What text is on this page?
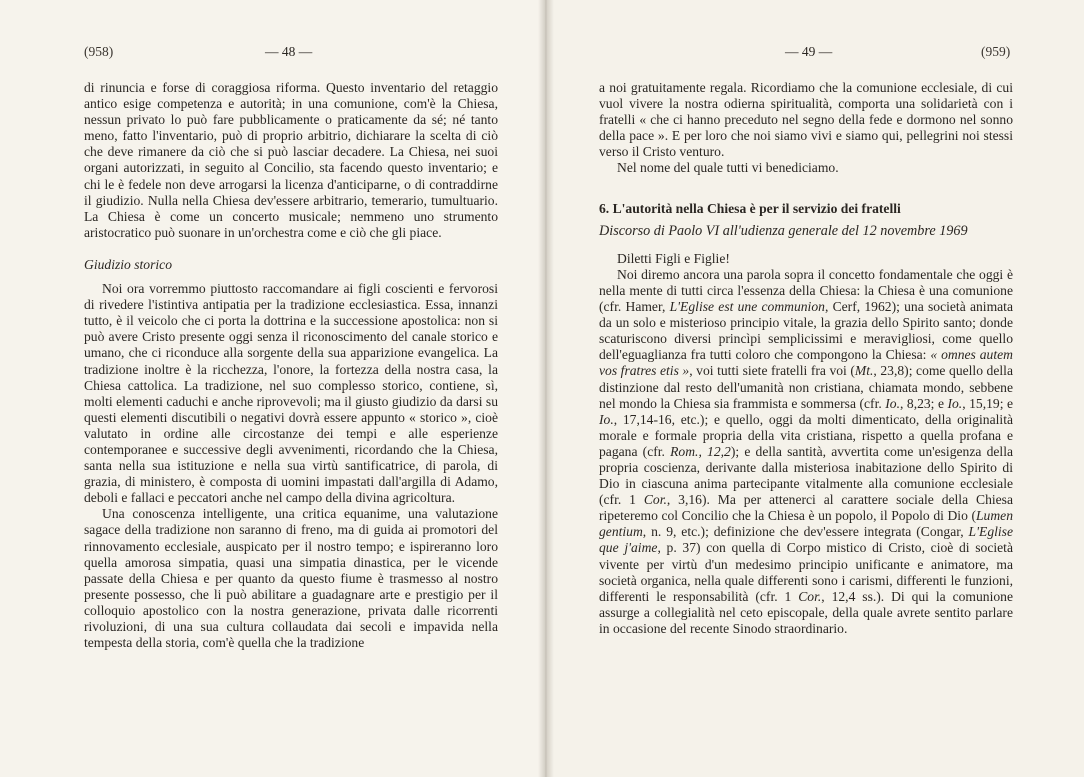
(958)	— 48 —

di rinuncia e forse di coraggiosa riforma. Questo inventario del retaggio antico esige competenza e autorità; in una comunione, com'è la Chiesa, nessun privato lo può fare pubblicamente o praticamente da sé; né tanto meno, fatto l'inventario, può di proprio arbitrio, dichiarare la scelta di ciò che deve rimanere da ciò che si può lasciar decadere. La Chiesa, nei suoi organi autorizzati, in seguito al Concilio, sta facendo questo inventario; e chi le è fedele non deve arrogarsi la licenza d'anticiparne, o di contraddirne il giudizio. Nulla nella Chiesa dev'essere arbitrario, temerario, tumultuario. La Chiesa è come un concerto musicale; nemmeno uno strumento aristocratico può suonare in un'orchestra come e ciò che gli piace.

Giudizio storico

Noi ora vorremmo piuttosto raccomandare ai figli coscienti e fervorosi di rivedere l'istintiva antipatia per la tradizione ecclesiastica. Essa, innanzi tutto, è il veicolo che ci porta la dottrina e la successione apostolica: non si può avere Cristo presente oggi senza il riconoscimento del canale storico e umano, che ci riconduce alla sorgente della sua apparizione evangelica. La tradizione inoltre è la ricchezza, l'onore, la fortezza della nostra casa, la Chiesa cattolica. La tradizione, nel suo complesso storico, contiene, sì, molti elementi caduchi e anche riprovevoli; ma il giusto giudizio da darsi su questi elementi discutibili o negativi dovrà essere appunto « storico », cioè valutato in ordine alle circostanze dei tempi e alle esperienze contemporanee e successive degli avvenimenti, ricordando che la Chiesa, santa nella sua istituzione e nella sua virtù santificatrice, di parola, di grazia, di ministero, è composta di uomini impastati dall'argilla di Adamo, deboli e fallaci e peccatori anche nel campo della divina agricoltura.

Una conoscenza intelligente, una critica equanime, una valutazione sagace della tradizione non saranno di freno, ma di guida ai promotori del rinnovamento ecclesiale, auspicato per il nostro tempo; e ispireranno loro quella amorosa simpatia, quasi una simpatia dinastica, per le vicende passate della Chiesa e per quanto da questo fiume è trasmesso al nostro presente possesso, che li può abilitare a guadagnare arte e prestigio per il colloquio apostolico con la nostra generazione, privata dalle ricorrenti rivoluzioni, di una sua cultura collaudata dai secoli e impavida nella tempesta della storia, com'è quella che la tradizione

— 49 —	(959)

a noi gratuitamente regala. Ricordiamo che la comunione ecclesiale, di cui vuol vivere la nostra odierna spiritualità, comporta una solidarietà con i fratelli « che ci hanno preceduto nel segno della fede e dormono nel sonno della pace ». E per loro che noi siamo vivi e siamo qui, pellegrini noi stessi verso il Cristo venturo.

Nel nome del quale tutti vi benediciamo.

6. L'autorità nella Chiesa è per il servizio dei fratelli

Discorso di Paolo VI all'udienza generale del 12 novembre 1969

Diletti Figli e Figlie!

Noi diremo ancora una parola sopra il concetto fondamentale che oggi è nella mente di tutti circa l'essenza della Chiesa: la Chiesa è una comunione (cfr. Hamer, L'Eglise est une communion, Cerf, 1962); una società animata da un solo e misterioso principio vitale, la grazia dello Spirito santo; donde scaturiscono diversi princìpi semplicissimi e meravigliosi, come quello dell'eguaglianza fra tutti coloro che compongono la Chiesa: « omnes autem vos fratres etis », voi tutti siete fratelli fra voi (Mt., 23,8); come quello della distinzione dal resto dell'umanità non cristiana, chiamata mondo, sebbene nel mondo la Chiesa sia frammista e sommersa (cfr. Io., 8,23; e Io., 15,19; e Io., 17,14-16, etc.); e quello, oggi da molti dimenticato, della originalità morale e formale propria della vita cristiana, rispetto a quella profana e pagana (cfr. Rom., 12,2); e della santità, avvertita come un'esigenza della propria coscienza, derivante dalla misteriosa inabitazione dello Spirito di Dio in ciascuna anima partecipante vitalmente alla comunione ecclesiale (cfr. 1 Cor., 3,16). Ma per attenerci al carattere sociale della Chiesa ripeteremo col Concilio che la Chiesa è un popolo, il Popolo di Dio (Lumen gentium, n. 9, etc.); definizione che dev'essere integrata (Congar, L'Eglise que j'aime, p. 37) con quella di Corpo mistico di Cristo, cioè di società vivente per virtù d'un medesimo principio unificante e animatore, ma società organica, nella quale differenti sono i carismi, differenti le funzioni, differenti le responsabilità (cfr. 1 Cor., 12,4 ss.). Di qui la comunione assurge a collegialità nel ceto episcopale, della quale avrete sentito parlare in occasione del recente Sinodo straordinario.
